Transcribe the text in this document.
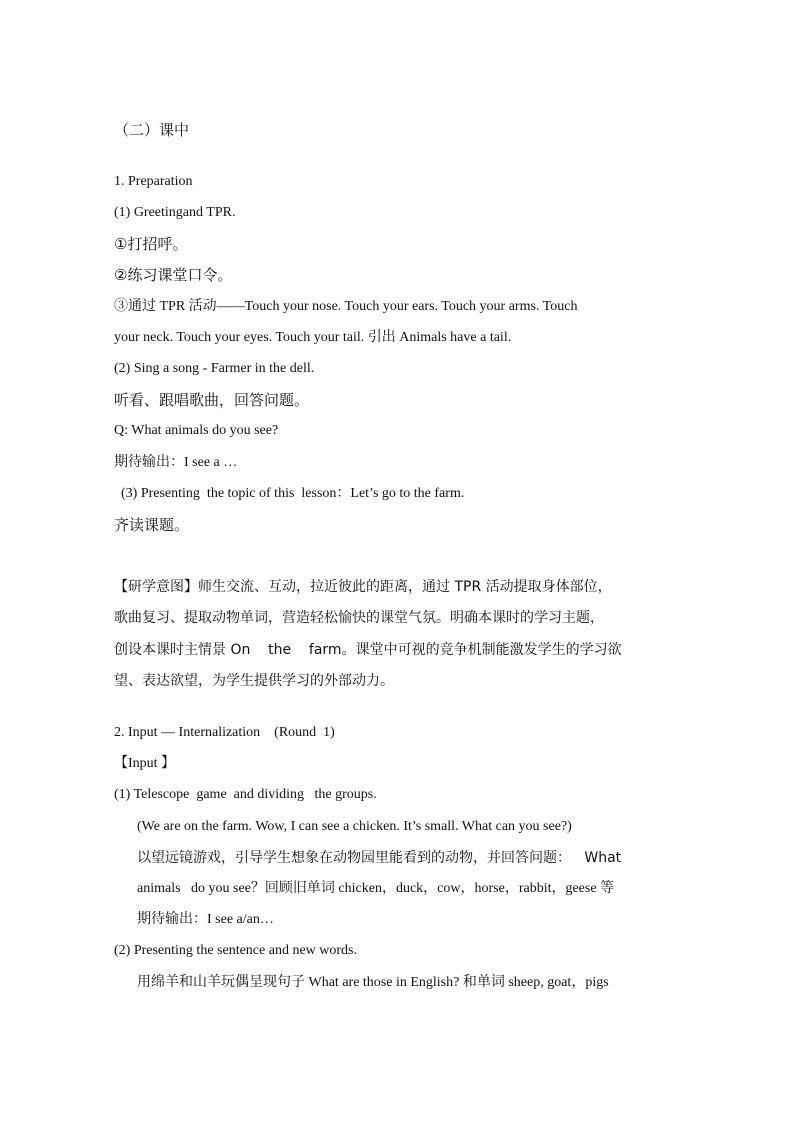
（二）课中
1. Preparation
(1) Greetingand TPR.
①打招呼。
②练习课堂口令。
③通过 TPR 活动——Touch your nose. Touch your ears. Touch your arms. Touch
your neck. Touch your eyes. Touch your tail. 引出 Animals have a tail.
(2) Sing a song - Farmer in the dell.
听看、跟唱歌曲，回答问题。
Q: What animals do you see?
期待输出：I see a …
(3) Presenting  the topic of this  lesson：Let’s go to the farm.
齐读课题。
【研学意图】师生交流、互动，拉近彼此的距离，通过 TPR 活动提取身体部位，
歌曲复习、提取动物单词，营造轻松愉快的课堂气氛。明确本课时的学习主题，
创设本课时主情景 On    the    farm。课堂中可视的竞争机制能激发学生的学习欲
望、表达欲望，为学生提供学习的外部动力。
2. Input — Internalization    (Round  1)
【Input 】
(1) Telescope  game  and dividing   the groups.
(We are on the farm. Wow, I can see a chicken. It’s small. What can you see?)
以望远镜游戏，引导学生想象在动物园里能看到的动物，并回答问题：   What
animals   do you see？回顾旧单词 chicken，duck，cow，horse，rabbit，geese 等
期待输出：I see a/an…
(2) Presenting the sentence and new words.
用绵羊和山羊玩偶呈现句子 What are those in English? 和单词 sheep, goat，pigs
